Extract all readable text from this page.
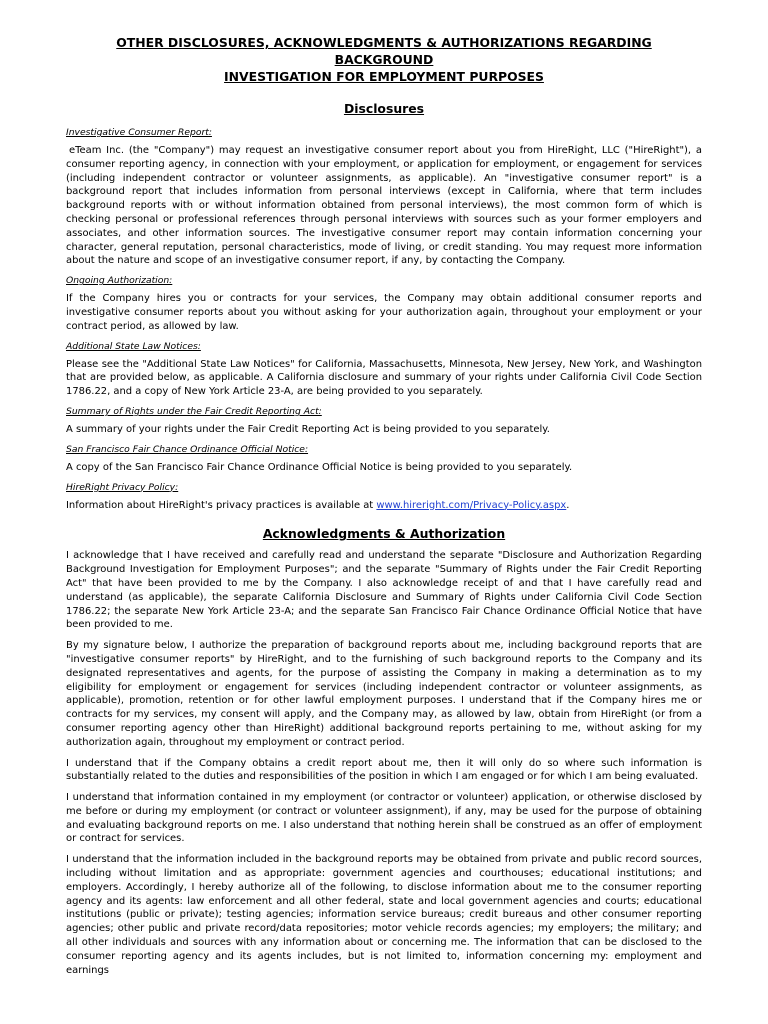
OTHER DISCLOSURES, ACKNOWLEDGMENTS & AUTHORIZATIONS REGARDING BACKGROUND
INVESTIGATION FOR EMPLOYMENT PURPOSES
Disclosures
Investigative Consumer Report:
eTeam Inc. (the "Company") may request an investigative consumer report about you from HireRight, LLC ("HireRight"), a consumer reporting agency, in connection with your employment, or application for employment, or engagement for services (including independent contractor or volunteer assignments, as applicable). An "investigative consumer report" is a background report that includes information from personal interviews (except in California, where that term includes background reports with or without information obtained from personal interviews), the most common form of which is checking personal or professional references through personal interviews with sources such as your former employers and associates, and other information sources. The investigative consumer report may contain information concerning your character, general reputation, personal characteristics, mode of living, or credit standing. You may request more information about the nature and scope of an investigative consumer report, if any, by contacting the Company.
Ongoing Authorization:
If the Company hires you or contracts for your services, the Company may obtain additional consumer reports and investigative consumer reports about you without asking for your authorization again, throughout your employment or your contract period, as allowed by law.
Additional State Law Notices:
Please see the "Additional State Law Notices" for California, Massachusetts, Minnesota, New Jersey, New York, and Washington that are provided below, as applicable. A California disclosure and summary of your rights under California Civil Code Section 1786.22, and a copy of New York Article 23-A, are being provided to you separately.
Summary of Rights under the Fair Credit Reporting Act:
A summary of your rights under the Fair Credit Reporting Act is being provided to you separately.
San Francisco Fair Chance Ordinance Official Notice:
A copy of the San Francisco Fair Chance Ordinance Official Notice is being provided to you separately.
HireRight Privacy Policy:
Information about HireRight's privacy practices is available at www.hireright.com/Privacy-Policy.aspx.
Acknowledgments & Authorization
I acknowledge that I have received and carefully read and understand the separate "Disclosure and Authorization Regarding Background Investigation for Employment Purposes"; and the separate "Summary of Rights under the Fair Credit Reporting Act" that have been provided to me by the Company. I also acknowledge receipt of and that I have carefully read and understand (as applicable), the separate California Disclosure and Summary of Rights under California Civil Code Section 1786.22; the separate New York Article 23-A; and the separate San Francisco Fair Chance Ordinance Official Notice that have been provided to me.
By my signature below, I authorize the preparation of background reports about me, including background reports that are "investigative consumer reports" by HireRight, and to the furnishing of such background reports to the Company and its designated representatives and agents, for the purpose of assisting the Company in making a determination as to my eligibility for employment or engagement for services (including independent contractor or volunteer assignments, as applicable), promotion, retention or for other lawful employment purposes. I understand that if the Company hires me or contracts for my services, my consent will apply, and the Company may, as allowed by law, obtain from HireRight (or from a consumer reporting agency other than HireRight) additional background reports pertaining to me, without asking for my authorization again, throughout my employment or contract period.
I understand that if the Company obtains a credit report about me, then it will only do so where such information is substantially related to the duties and responsibilities of the position in which I am engaged or for which I am being evaluated.
I understand that information contained in my employment (or contractor or volunteer) application, or otherwise disclosed by me before or during my employment (or contract or volunteer assignment), if any, may be used for the purpose of obtaining and evaluating background reports on me. I also understand that nothing herein shall be construed as an offer of employment or contract for services.
I understand that the information included in the background reports may be obtained from private and public record sources, including without limitation and as appropriate: government agencies and courthouses; educational institutions; and employers. Accordingly, I hereby authorize all of the following, to disclose information about me to the consumer reporting agency and its agents: law enforcement and all other federal, state and local government agencies and courts; educational institutions (public or private); testing agencies; information service bureaus; credit bureaus and other consumer reporting agencies; other public and private record/data repositories; motor vehicle records agencies; my employers; the military; and all other individuals and sources with any information about or concerning me. The information that can be disclosed to the consumer reporting agency and its agents includes, but is not limited to, information concerning my: employment and earnings
